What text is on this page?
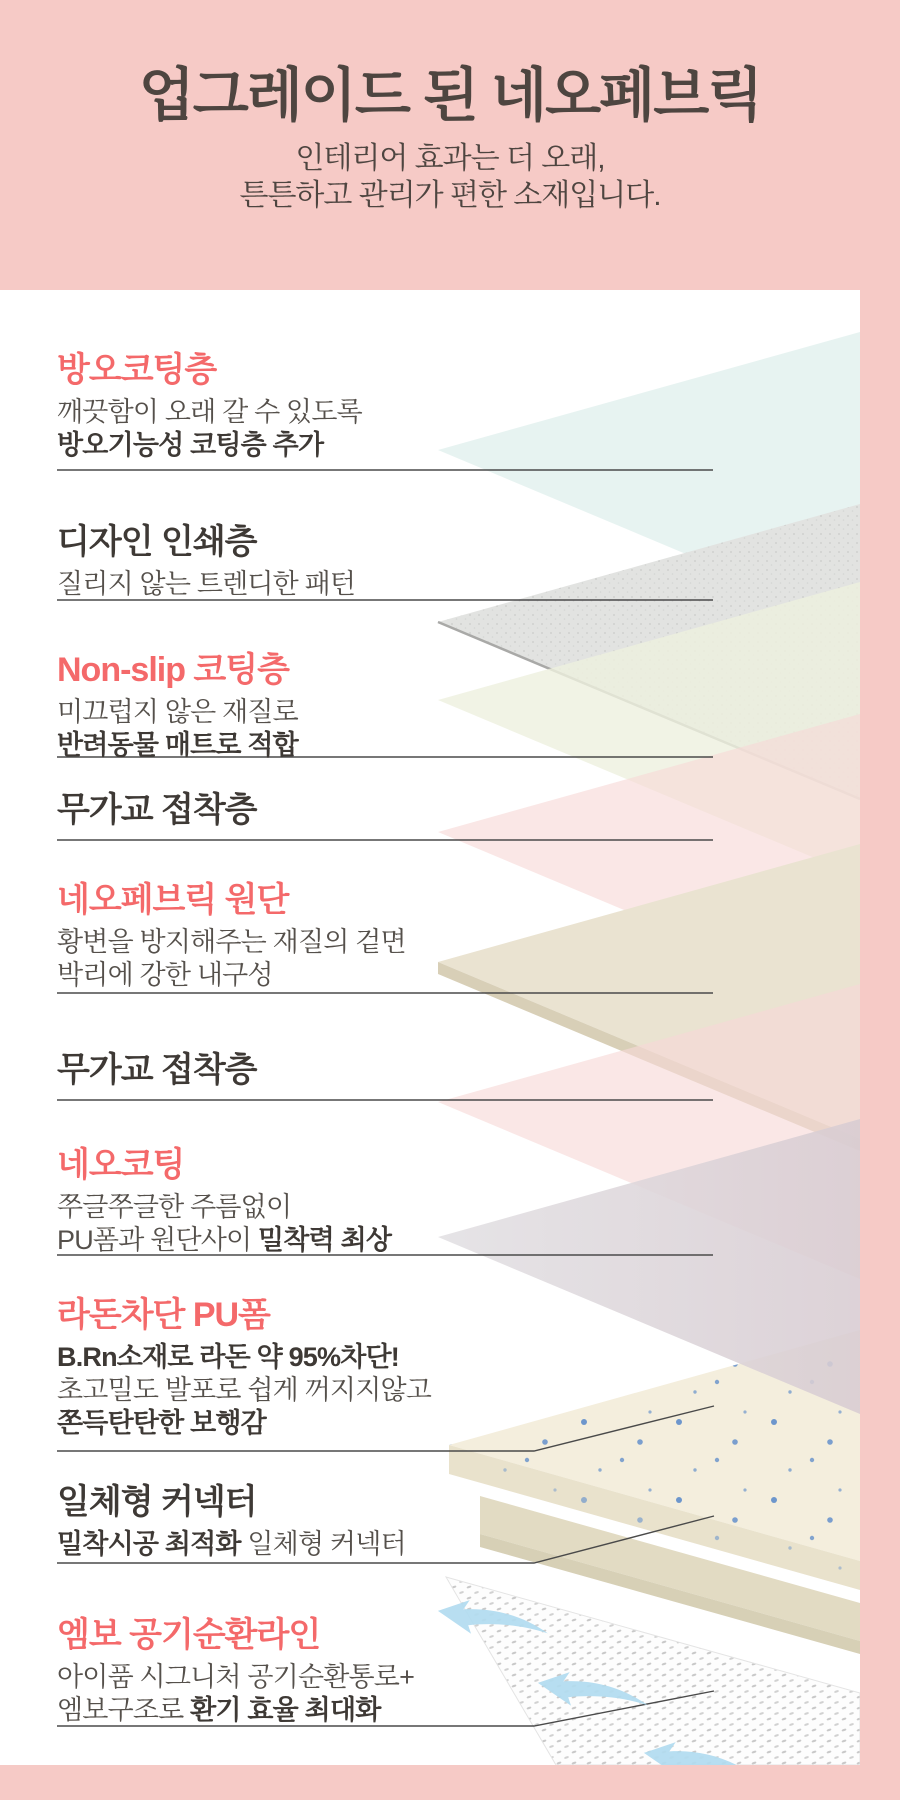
업그레이드 된 네오페브릭

인테리어 효과는 더 오래,

튼튼하고 관리가 편한 소재입니다.

방오코팅층
깨끗함이 오래 갈 수 있도록
방오기능성 코팅층 추가
디자인 인쇄층
질리지 않는 트렌디한 패턴
Non-slip 코팅층
미끄럽지 않은 재질로
반려동물 매트로 적합
무가교 접착층
네오페브릭 원단
황변을 방지해주는 재질의 겉면
박리에 강한 내구성
무가교 접착층
네오코팅
쭈글쭈글한 주름없이
PU폼과 원단사이 밀착력 최상
라돈차단 PU폼
B.Rn소재로 라돈 약 95%차단!
초고밀도 발포로 쉽게 꺼지지않고
쫀득탄탄한 보행감
일체형 커넥터
밀착시공 최적화 일체형 커넥터
엠보 공기순환라인
아이품 시그니처 공기순환통로+
엠보구조로 환기 효율 최대화
